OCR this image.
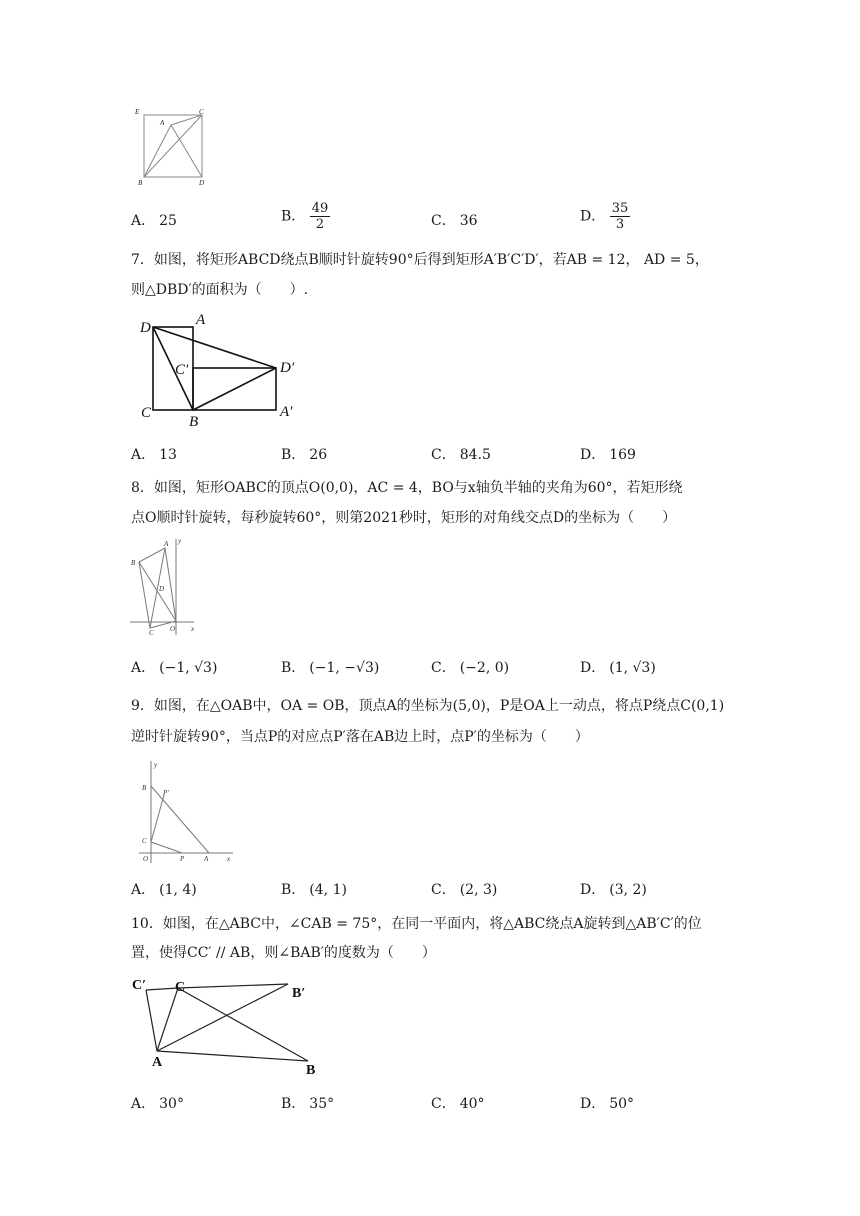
E
A
C
B	D
A． 25	B． $\frac{49}{2}$	C． 36	D． $\frac{35}{3}$
7．如图，将矩形ABCD绕点B顺时针旋转90°后得到矩形A′B′C′D′，若AB = 12， AD = 5，
则△DBD′的面积为（　　）.
D	A
C′	D′
C
B
A′
A． 13	B． 26	C． 84.5	D． 169
8．如图，矩形OABC的顶点O(0,0)，AC = 4，BO与x轴负半轴的夹角为60°，若矩形绕
点O顺时针旋转，每秒旋转60°，则第2021秒时，矩形的对角线交点D的坐标为（　　）
y
A
B
D
C O x
A． (−1, √3)	B． (−1, −√3)	C． (−2, 0)	D． (1, √3)
9．如图，在△OAB中，OA = OB，顶点A的坐标为(5,0)，P是OA上一动点，将点P绕点C(0,1)
逆时针旋转90°，当点P的对应点P′落在AB边上时，点P′的坐标为（　　）
y
B
P′
C
O	P	A	x
A． (1, 4)	B． (4, 1)	C． (2, 3)	D． (3, 2)
10．如图，在△ABC中，∠CAB = 75°，在同一平面内，将△ABC绕点A旋转到△AB′C′的位
置，使得CC′ // AB，则∠BAB′的度数为（　　）
C′ C	B′
A
B
A． 30°	B． 35°	C． 40°	D． 50°
